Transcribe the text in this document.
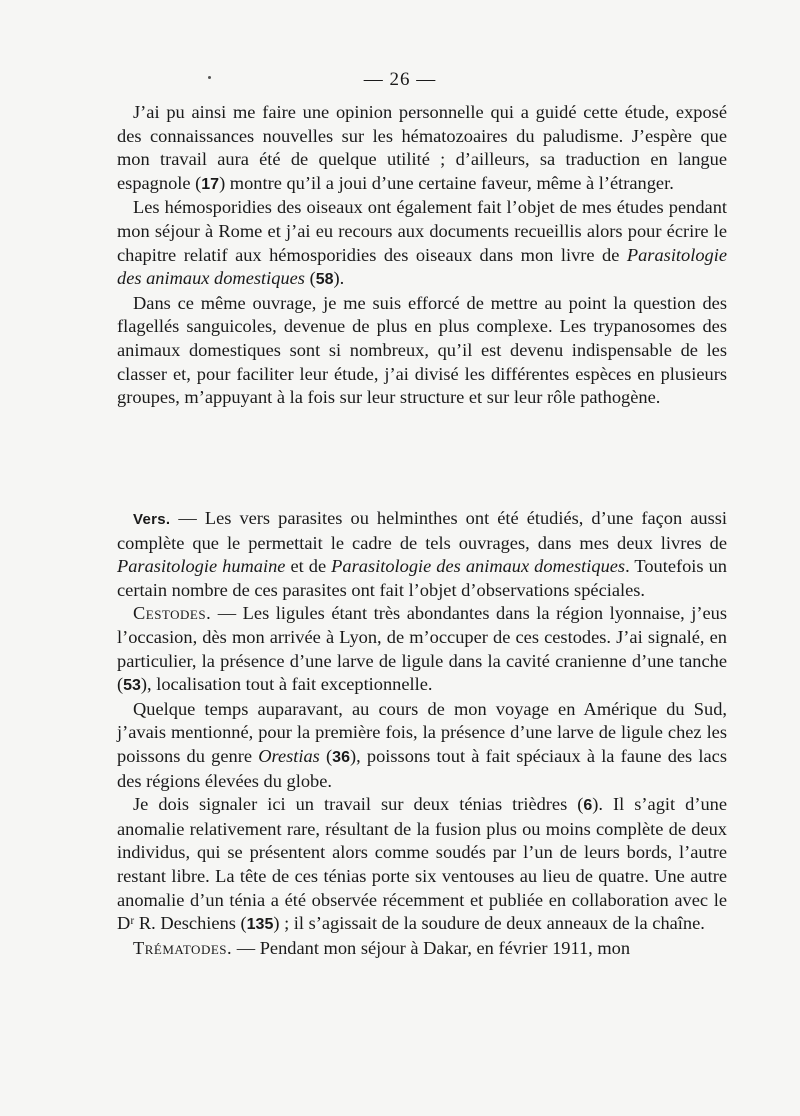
— 26 —

J’ai pu ainsi me faire une opinion personnelle qui a guidé cette étude, exposé des connaissances nouvelles sur les hématozoaires du paludisme. J’espère que mon travail aura été de quelque utilité ; d’ailleurs, sa traduction en langue espagnole (17) montre qu’il a joui d’une certaine faveur, même à l’étranger.

Les hémosporidies des oiseaux ont également fait l’objet de mes études pendant mon séjour à Rome et j’ai eu recours aux documents recueillis alors pour écrire le chapitre relatif aux hémosporidies des oiseaux dans mon livre de Parasitologie des animaux domestiques (58).

Dans ce même ouvrage, je me suis efforcé de mettre au point la question des flagellés sanguicoles, devenue de plus en plus complexe. Les trypanosomes des animaux domestiques sont si nombreux, qu’il est devenu indispensable de les classer et, pour faciliter leur étude, j’ai divisé les différentes espèces en plusieurs groupes, m’appuyant à la fois sur leur structure et sur leur rôle pathogène.

Vers. — Les vers parasites ou helminthes ont été étudiés, d’une façon aussi complète que le permettait le cadre de tels ouvrages, dans mes deux livres de Parasitologie humaine et de Parasitologie des animaux domestiques. Toutefois un certain nombre de ces parasites ont fait l’objet d’observations spéciales.

Cestodes. — Les ligules étant très abondantes dans la région lyonnaise, j’eus l’occasion, dès mon arrivée à Lyon, de m’occuper de ces cestodes. J’ai signalé, en particulier, la présence d’une larve de ligule dans la cavité cranienne d’une tanche (53), localisation tout à fait exceptionnelle.

Quelque temps auparavant, au cours de mon voyage en Amérique du Sud, j’avais mentionné, pour la première fois, la présence d’une larve de ligule chez les poissons du genre Orestias (36), poissons tout à fait spéciaux à la faune des lacs des régions élevées du globe.

Je dois signaler ici un travail sur deux ténias trièdres (6). Il s’agit d’une anomalie relativement rare, résultant de la fusion plus ou moins complète de deux individus, qui se présentent alors comme soudés par l’un de leurs bords, l’autre restant libre. La tête de ces ténias porte six ventouses au lieu de quatre. Une autre anomalie d’un ténia a été observée récemment et publiée en collaboration avec le Dʳ R. Deschiens (135) ; il s’agissait de la soudure de deux anneaux de la chaîne.

Trématodes. — Pendant mon séjour à Dakar, en février 1911, mon
